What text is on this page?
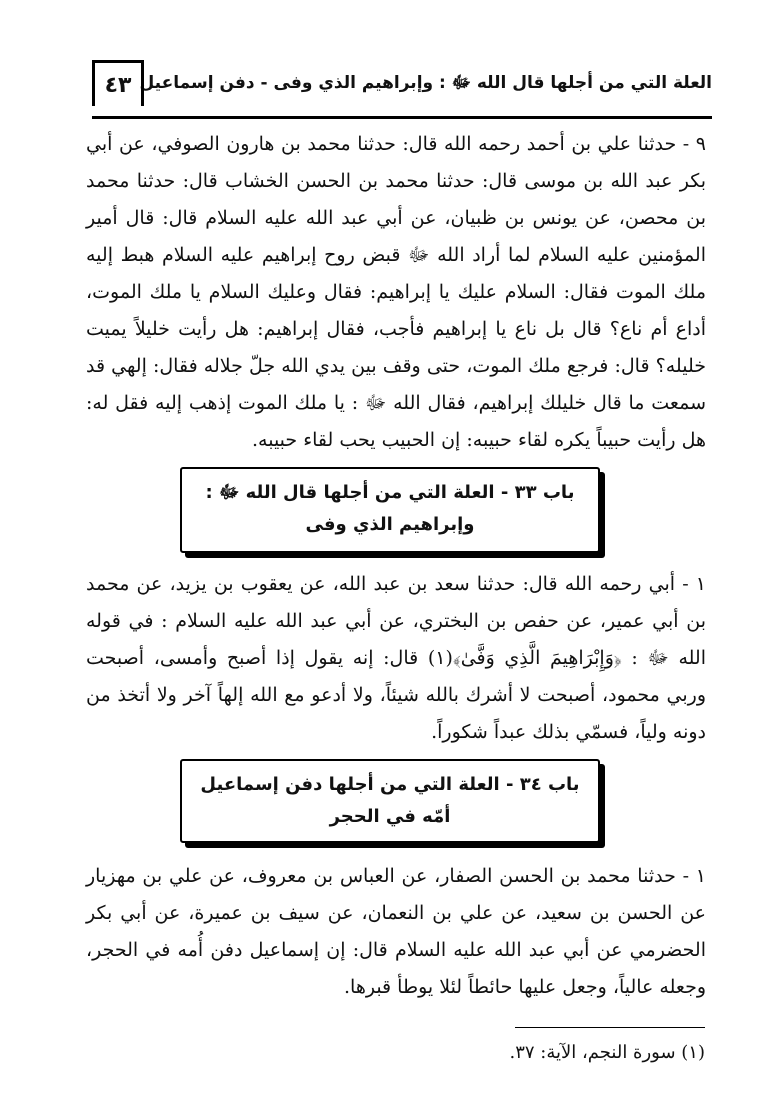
العلة التي من أجلها قال الله ﷻ : وإبراهيم الذي وفى - دفن إسماعيل
٤٣

٩ - حدثنا علي بن أحمد رحمه الله قال: حدثنا محمد بن هارون الصوفي، عن أبي بكر عبد الله بن موسى قال: حدثنا محمد بن الحسن الخشاب قال: حدثنا محمد بن محصن، عن يونس بن ظبيان، عن أبي عبد الله عليه السلام قال: قال أمير المؤمنين عليه السلام لما أراد الله ﷻ قبض روح إبراهيم عليه السلام هبط إليه ملك الموت فقال: السلام عليك يا إبراهيم: فقال وعليك السلام يا ملك الموت، أداع أم ناع؟ قال بل ناع يا إبراهيم فأجب، فقال إبراهيم: هل رأيت خليلاً يميت خليله؟ قال: فرجع ملك الموت، حتى وقف بين يدي الله جلّ جلاله فقال: إلهي قد سمعت ما قال خليلك إبراهيم، فقال الله ﷻ : يا ملك الموت إذهب إليه فقل له: هل رأيت حبيباً يكره لقاء حبيبه: إن الحبيب يحب لقاء حبيبه.

باب ٣٣ - العلة التي من أجلها قال الله ﷻ :
وإبراهيم الذي وفى

١ - أبي رحمه الله قال: حدثنا سعد بن عبد الله، عن يعقوب بن يزيد، عن محمد بن أبي عمير، عن حفص بن البختري، عن أبي عبد الله عليه السلام : في قوله الله ﷻ : ﴿وَإِبْرَاهِيمَ الَّذِي وَفَّىٰ﴾(١) قال: إنه يقول إذا أصبح وأمسى، أصبحت وربي محمود، أصبحت لا أشرك بالله شيئاً، ولا أدعو مع الله إلهاً آخر ولا أتخذ من دونه ولياً، فسمّي بذلك عبداً شكوراً.

باب ٣٤ - العلة التي من أجلها دفن إسماعيل
أمّه في الحجر

١ - حدثنا محمد بن الحسن الصفار، عن العباس بن معروف، عن علي بن مهزيار عن الحسن بن سعيد، عن علي بن النعمان، عن سيف بن عميرة، عن أبي بكر الحضرمي عن أبي عبد الله عليه السلام قال: إن إسماعيل دفن أُمه في الحجر، وجعله عالياً، وجعل عليها حائطاً لئلا يوطأ قبرها.

(١) سورة النجم، الآية: ٣٧.
